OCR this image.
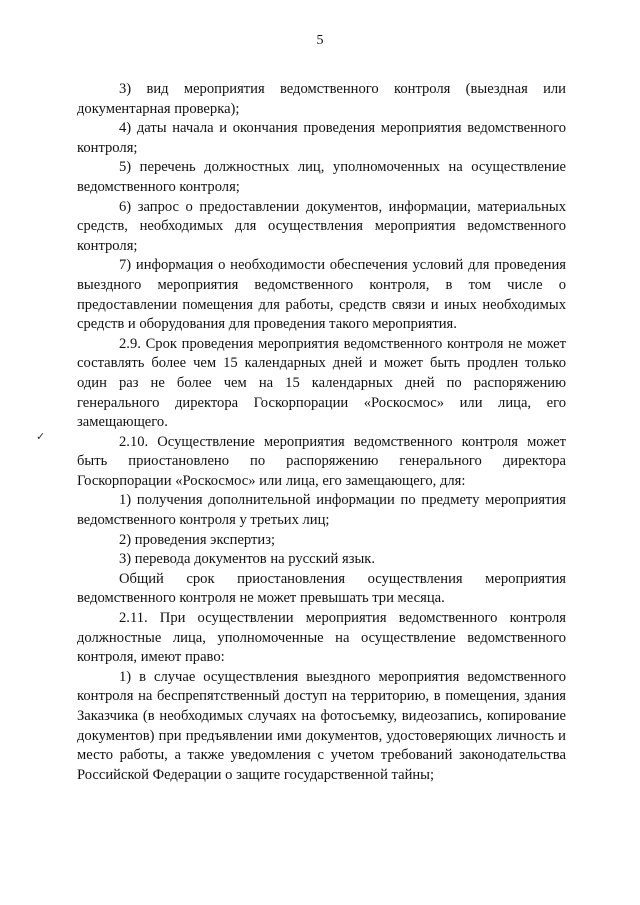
5
✓

3) вид мероприятия ведомственного контроля (выездная или документарная проверка);

4) даты начала и окончания проведения мероприятия ведомственного контроля;

5) перечень должностных лиц, уполномоченных на осуществление ведомственного контроля;

6) запрос о предоставлении документов, информации, материальных средств, необходимых для осуществления мероприятия ведомственного контроля;

7) информация о необходимости обеспечения условий для проведения выездного мероприятия ведомственного контроля, в том числе о предоставлении помещения для работы, средств связи и иных необходимых средств и оборудования для проведения такого мероприятия.

2.9. Срок проведения мероприятия ведомственного контроля не может составлять более чем 15 календарных дней и может быть продлен только один раз не более чем на 15 календарных дней по распоряжению генерального директора Госкорпорации «Роскосмос» или лица, его замещающего.

2.10. Осуществление мероприятия ведомственного контроля может быть приостановлено по распоряжению генерального директора Госкорпорации «Роскосмос» или лица, его замещающего, для:

1) получения дополнительной информации по предмету мероприятия ведомственного контроля у третьих лиц;

2) проведения экспертиз;

3) перевода документов на русский язык.

Общий срок приостановления осуществления мероприятия ведомственного контроля не может превышать три месяца.

2.11. При осуществлении мероприятия ведомственного контроля должностные лица, уполномоченные на осуществление ведомственного контроля, имеют право:

1) в случае осуществления выездного мероприятия ведомственного контроля на беспрепятственный доступ на территорию, в помещения, здания Заказчика (в необходимых случаях на фотосъемку, видеозапись, копирование документов) при предъявлении ими документов, удостоверяющих личность и место работы, а также уведомления с учетом требований законодательства Российской Федерации о защите государственной тайны;
